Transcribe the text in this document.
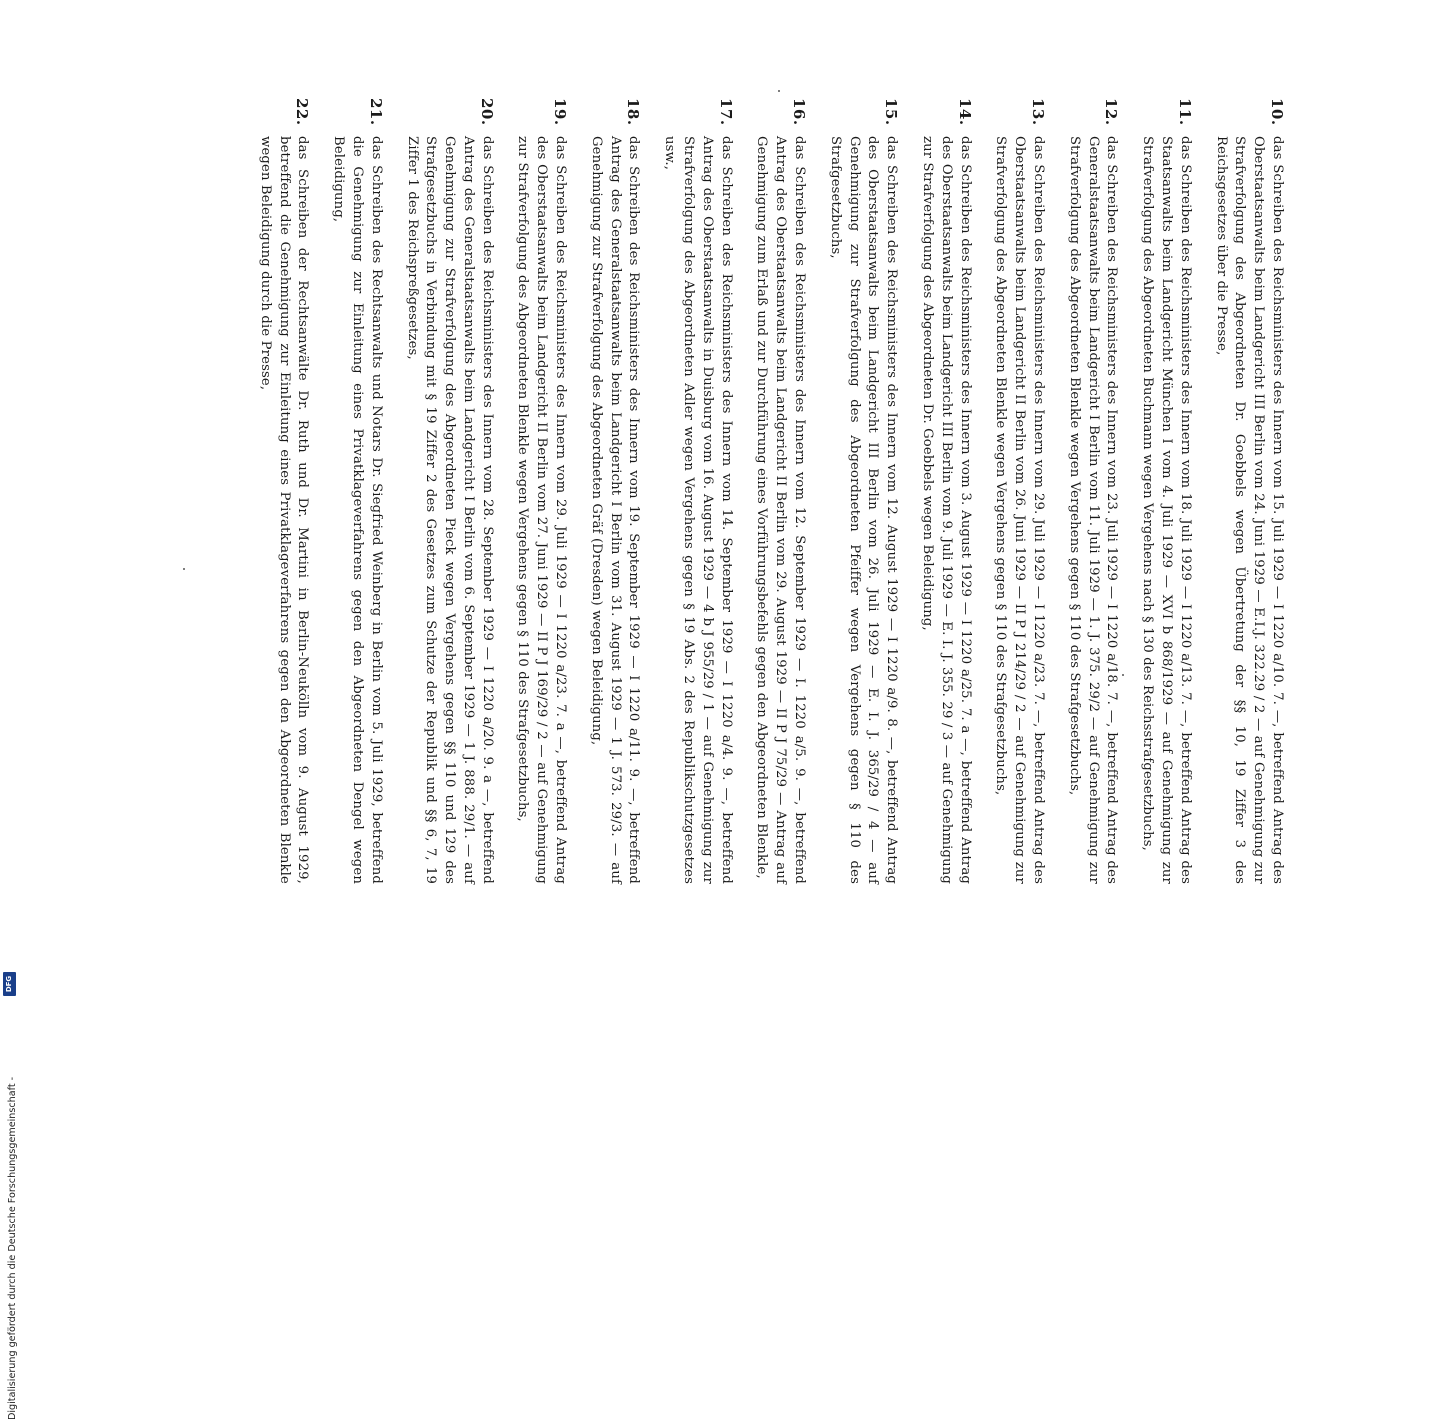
10.
das Schreiben des Reichsministers des Innern vom 15. Juli 1929 — I 1220 a/10. 7. —, betreffend Antrag des Oberstaatsanwalts beim Landgericht III Berlin vom 24. Juni 1929 — E.I.J. 322.29 / 2 — auf Genehmigung zur Strafverfolgung des Abgeordneten Dr. Goebbels wegen Übertretung der §§ 10, 19 Ziffer 3 des Reichsgesetzes über die Presse,
11.
das Schreiben des Reichsministers des Innern vom 18. Juli 1929 — I 1220 a/13. 7. —, betreffend Antrag des Staatsanwalts beim Landgericht München I vom 4. Juli 1929 — XVI b 868/1929 — auf Genehmigung zur Strafverfolgung des Abgeordneten Buchmann wegen Vergehens nach § 130 des Reichsstrafgesetzbuchs,
12.
das Schreiben des Reichsministers des Innern vom 23. Juli 1929 — I 1220 a/18. 7. —, betreffend Antrag des Generalstaatsanwalts beim Landgericht I Berlin vom 11. Juli 1929 — 1. J. 375. 29/2 — auf Genehmigung zur Strafverfolgung des Abgeordneten Blenkle wegen Vergehens gegen § 110 des Strafgesetzbuchs,
13.
das Schreiben des Reichsministers des Innern vom 29. Juli 1929 — I 1220 a/23. 7. —, betreffend Antrag des Oberstaatsanwalts beim Landgericht II Berlin vom 26. Juni 1929 — II P J 214/29 / 2 — auf Genehmigung zur Strafverfolgung des Abgeordneten Blenkle wegen Vergehens gegen § 110 des Strafgesetzbuchs,
14.
das Schreiben des Reichsministers des Innern vom 3. August 1929 — I 1220 a/25. 7. a —, betreffend Antrag des Oberstaatsanwalts beim Landgericht III Berlin vom 9. Juli 1929 — E. I. J. 355. 29 / 3 — auf Genehmigung zur Strafverfolgung des Abgeordneten Dr. Goebbels wegen Beleidigung,
15.
das Schreiben des Reichsministers des Innern vom 12. August 1929 — I 1220 a/9. 8. —, betreffend Antrag des Oberstaatsanwalts beim Landgericht III Berlin vom 26. Juli 1929 — E. I. J. 365/29 / 4 — auf Genehmigung zur Strafverfolgung des Abgeordneten Pfeiffer wegen Vergehens gegen § 110 des Strafgesetzbuchs,
16.
das Schreiben des Reichsministers des Innern vom 12. September 1929 — I. 1220 a/5. 9. —, betreffend Antrag des Oberstaatsanwalts beim Landgericht II Berlin vom 29. August 1929 — II P J 75/29 — Antrag auf Genehmigung zum Erlaß und zur Durchführung eines Vorführungsbefehls gegen den Abgeordneten Blenkle,
17.
das Schreiben des Reichsministers des Innern vom 14. September 1929 — I 1220 a/4. 9. —, betreffend Antrag des Oberstaatsanwalts in Duisburg vom 16. August 1929 — 4 b J 955/29 / 1 — auf Genehmigung zur Strafverfolgung des Abgeordneten Adler wegen Vergehens gegen § 19 Abs. 2 des Republikschutzgesetzes usw.,
18.
das Schreiben des Reichsministers des Innern vom 19. September 1929 — I 1220 a/11. 9. —, betreffend Antrag des Generalstaatsanwalts beim Landgericht I Berlin vom 31. August 1929 — 1 J. 573. 29/3. — auf Genehmigung zur Strafverfolgung des Abgeordneten Gräf (Dresden) wegen Beleidigung,
19.
das Schreiben des Reichsministers des Innern vom 29. Juli 1929 — I 1220 a/23. 7. a —, betreffend Antrag des Oberstaatsanwalts beim Landgericht II Berlin vom 27. Juni 1929 — II P J 169/29 / 2 — auf Genehmigung zur Strafverfolgung des Abgeordneten Blenkle wegen Vergehens gegen § 110 des Strafgesetzbuchs,
20.
das Schreiben des Reichsministers des Innern vom 28. September 1929 — I 1220 a/20. 9. a —, betreffend Antrag des Generalstaatsanwalts beim Landgericht I Berlin vom 6. September 1929 — 1 J. 888. 29/1. — auf Genehmigung zur Strafverfolgung des Abgeordneten Pieck wegen Vergehens gegen §§ 110 und 129 des Strafgesetzbuchs in Verbindung mit § 19 Ziffer 2 des Gesetzes zum Schutze der Republik und §§ 6, 7, 19 Ziffer 1 des Reichspreßgesetzes,
21.
das Schreiben des Rechtsanwalts und Notars Dr. Siegfried Weinberg in Berlin vom 5. Juli 1929, betreffend die Genehmigung zur Einleitung eines Privatklageverfahrens gegen den Abgeordneten Dengel wegen Beleidigung,
22.
das Schreiben der Rechtsanwälte Dr. Ruth und Dr. Martini in Berlin-Neukölln vom 9. August 1929, betreffend die Genehmigung zur Einleitung eines Privatklageverfahrens gegen den Abgeordneten Blenkle wegen Beleidigung durch die Presse,
Digitalisierung gefördert durch die Deutsche Forschungsgemeinschaft -
DFG
